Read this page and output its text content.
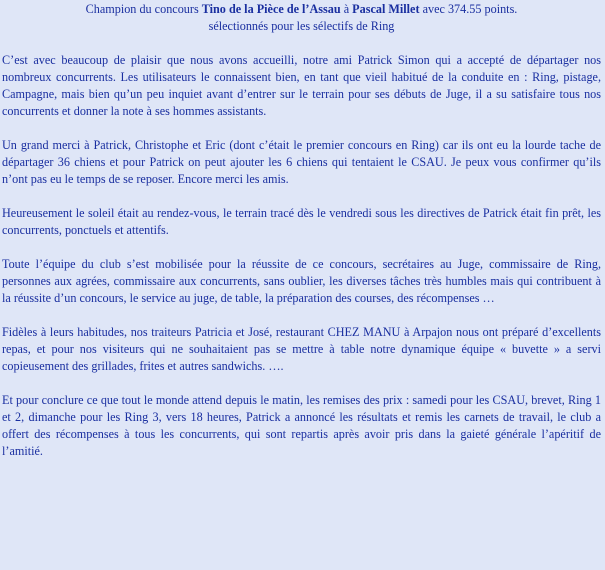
Champion du concours Tino de la Pièce de l’Assau à Pascal Millet avec 374.55 points.

sélectionnés pour les sélectifs de Ring

C’est avec beaucoup de plaisir que nous avons accueilli, notre ami Patrick Simon qui a accepté de départager nos nombreux concurrents. Les utilisateurs le connaissent bien, en tant que vieil habitué de la conduite en : Ring, pistage, Campagne, mais bien qu’un peu inquiet avant d’entrer sur le terrain pour ses débuts de Juge, il a su satisfaire tous nos concurrents et donner la note à ses hommes assistants.

Un grand merci à Patrick, Christophe et Eric (dont c’était le premier concours en Ring) car ils ont eu la lourde tache de départager 36 chiens et pour Patrick on peut ajouter les 6 chiens qui tentaient le CSAU. Je peux vous confirmer qu’ils n’ont pas eu le temps de se reposer. Encore merci les amis.

Heureusement le soleil était au rendez-vous, le terrain tracé dès le vendredi sous les directives de Patrick était fin prêt, les concurrents, ponctuels et attentifs.

Toute l’équipe du club s’est mobilisée pour la réussite de ce concours, secrétaires au Juge, commissaire de Ring, personnes aux agrées, commissaire aux concurrents, sans oublier, les diverses tâches très humbles mais qui contribuent à la réussite d’un concours, le service au juge, de table, la préparation des courses, des récompenses …

Fidèles à leurs habitudes, nos traiteurs Patricia et José, restaurant CHEZ MANU à Arpajon nous ont préparé d’excellents repas, et pour nos visiteurs qui ne souhaitaient pas se mettre à table notre dynamique équipe « buvette » a servi copieusement des grillades, frites et autres sandwichs. ….

Et pour conclure ce que tout le monde attend depuis le matin, les remises des prix : samedi pour les CSAU, brevet, Ring 1 et 2, dimanche pour les Ring 3, vers 18 heures, Patrick a annoncé les résultats et remis les carnets de travail, le club a offert des récompenses à tous les concurrents, qui sont repartis après avoir pris dans la gaieté générale l’apéritif de l’amitié.
